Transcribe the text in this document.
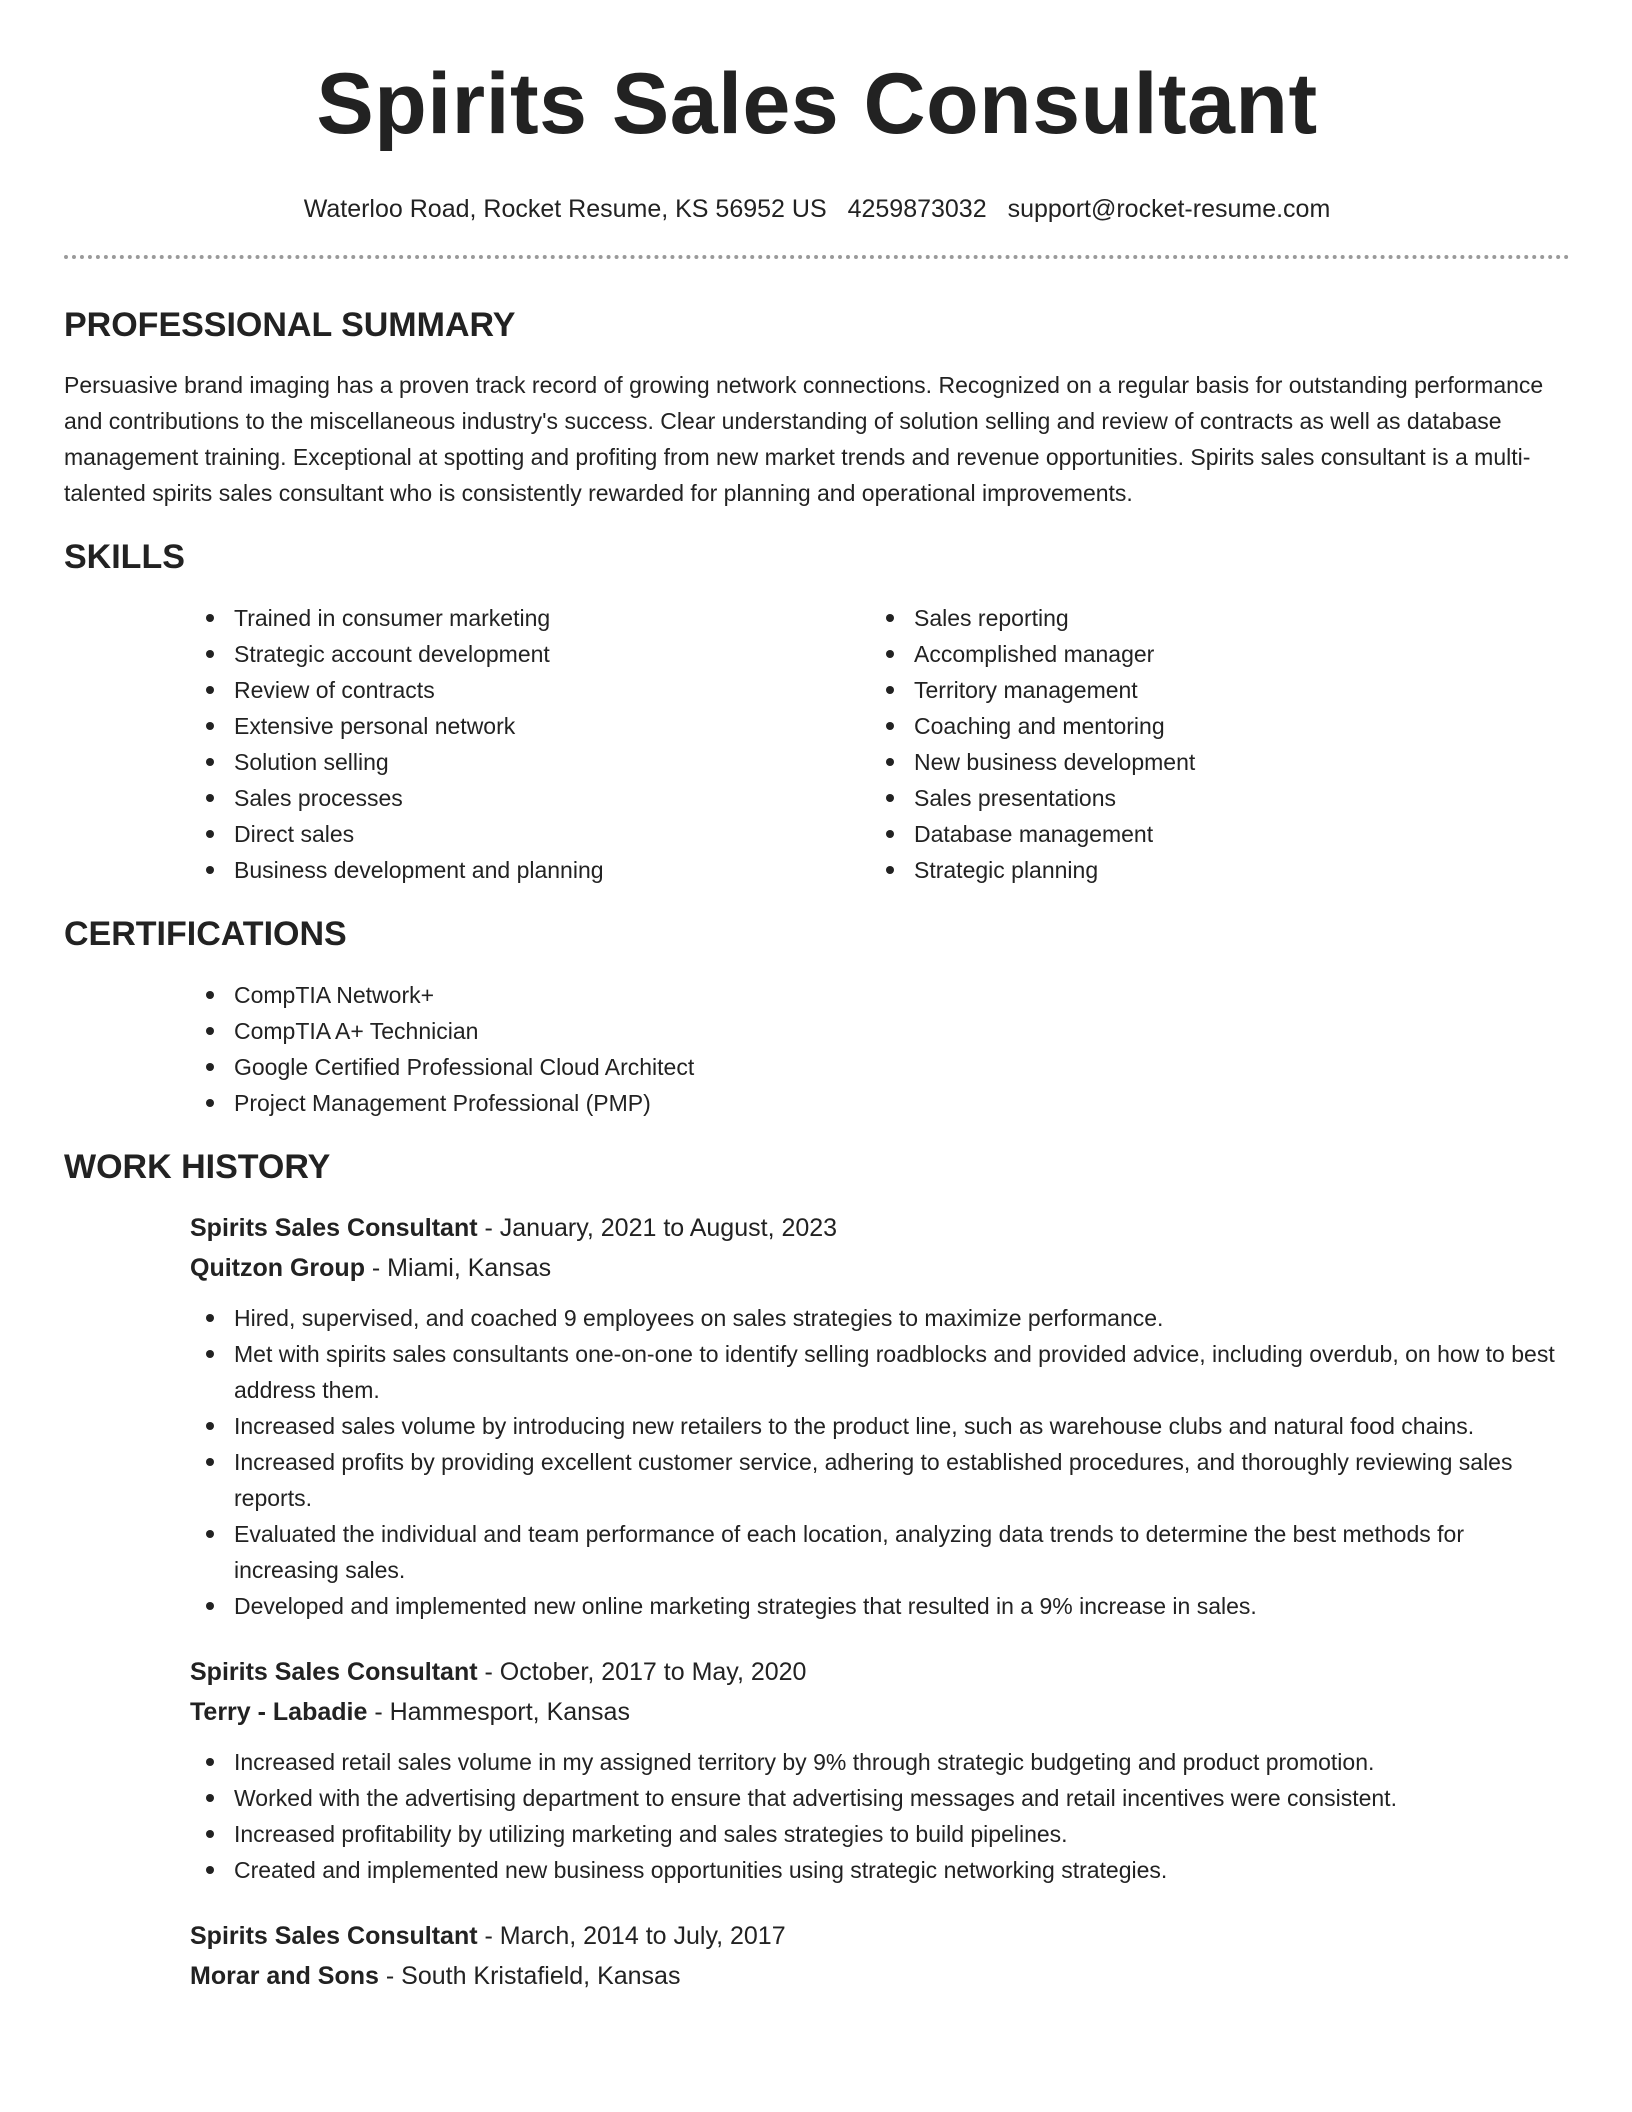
Spirits Sales Consultant
Waterloo Road, Rocket Resume, KS 56952 US 4259873032 support@rocket-resume.com
PROFESSIONAL SUMMARY

Persuasive brand imaging has a proven track record of growing network connections. Recognized on a regular basis for outstanding performance and contributions to the miscellaneous industry's success. Clear understanding of solution selling and review of contracts as well as database management training. Exceptional at spotting and profiting from new market trends and revenue opportunities. Spirits sales consultant is a multi-talented spirits sales consultant who is consistently rewarded for planning and operational improvements.

SKILLS
Trained in consumer marketing
Strategic account development
Review of contracts
Extensive personal network
Solution selling
Sales processes
Direct sales
Business development and planning
Sales reporting
Accomplished manager
Territory management
Coaching and mentoring
New business development
Sales presentations
Database management
Strategic planning
CERTIFICATIONS
CompTIA Network+
CompTIA A+ Technician
Google Certified Professional Cloud Architect
Project Management Professional (PMP)
WORK HISTORY
Spirits Sales Consultant - January, 2021 to August, 2023
Quitzon Group - Miami, Kansas
Hired, supervised, and coached 9 employees on sales strategies to maximize performance.
Met with spirits sales consultants one-on-one to identify selling roadblocks and provided advice, including overdub, on how to best address them.
Increased sales volume by introducing new retailers to the product line, such as warehouse clubs and natural food chains.
Increased profits by providing excellent customer service, adhering to established procedures, and thoroughly reviewing sales reports.
Evaluated the individual and team performance of each location, analyzing data trends to determine the best methods for increasing sales.
Developed and implemented new online marketing strategies that resulted in a 9% increase in sales.
Spirits Sales Consultant - October, 2017 to May, 2020
Terry - Labadie - Hammesport, Kansas
Increased retail sales volume in my assigned territory by 9% through strategic budgeting and product promotion.
Worked with the advertising department to ensure that advertising messages and retail incentives were consistent.
Increased profitability by utilizing marketing and sales strategies to build pipelines.
Created and implemented new business opportunities using strategic networking strategies.
Spirits Sales Consultant - March, 2014 to July, 2017
Morar and Sons - South Kristafield, Kansas
